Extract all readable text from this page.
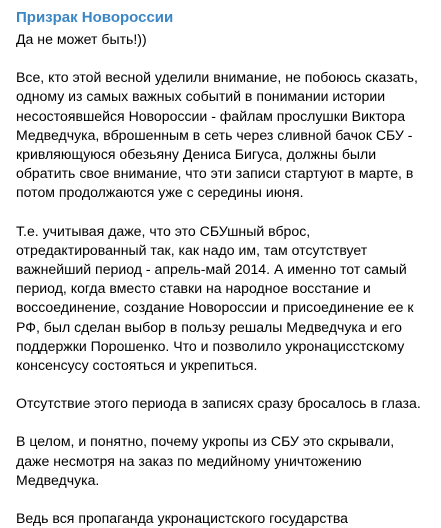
Призрак Новороссии

Да не может быть!))

Все, кто этой весной уделили внимание, не побоюсь сказать, одному из самых важных событий в понимании истории несостоявшейся Новороссии - файлам прослушки Виктора Медведчука, вброшенным в сеть через сливной бачок СБУ - кривляющуюся обезьяну Дениса Бигуса, должны были обратить свое внимание, что эти записи стартуют в марте, в потом продолжаются уже с середины июня.

Т.е. учитывая даже, что это СБУшный вброс, отредактированный так, как надо им, там отсутствует важнейший период - апрель-май 2014. А именно тот самый период, когда вместо ставки на народное восстание и воссоединение, создание Новороссии и присоединение ее к РФ, был сделан выбор в пользу решалы Медведчука и его поддержки Порошенко. Что и позволило укронацисстскому консенсусу состояться и укрепиться.

Отсутствие этого периода в записях сразу бросалось в глаза.

В целом, и понятно, почему укропы из СБУ это скрывали, даже несмотря на заказ по медийному уничтожению Медведчука.

Ведь вся пропаганда укронацистского государства
